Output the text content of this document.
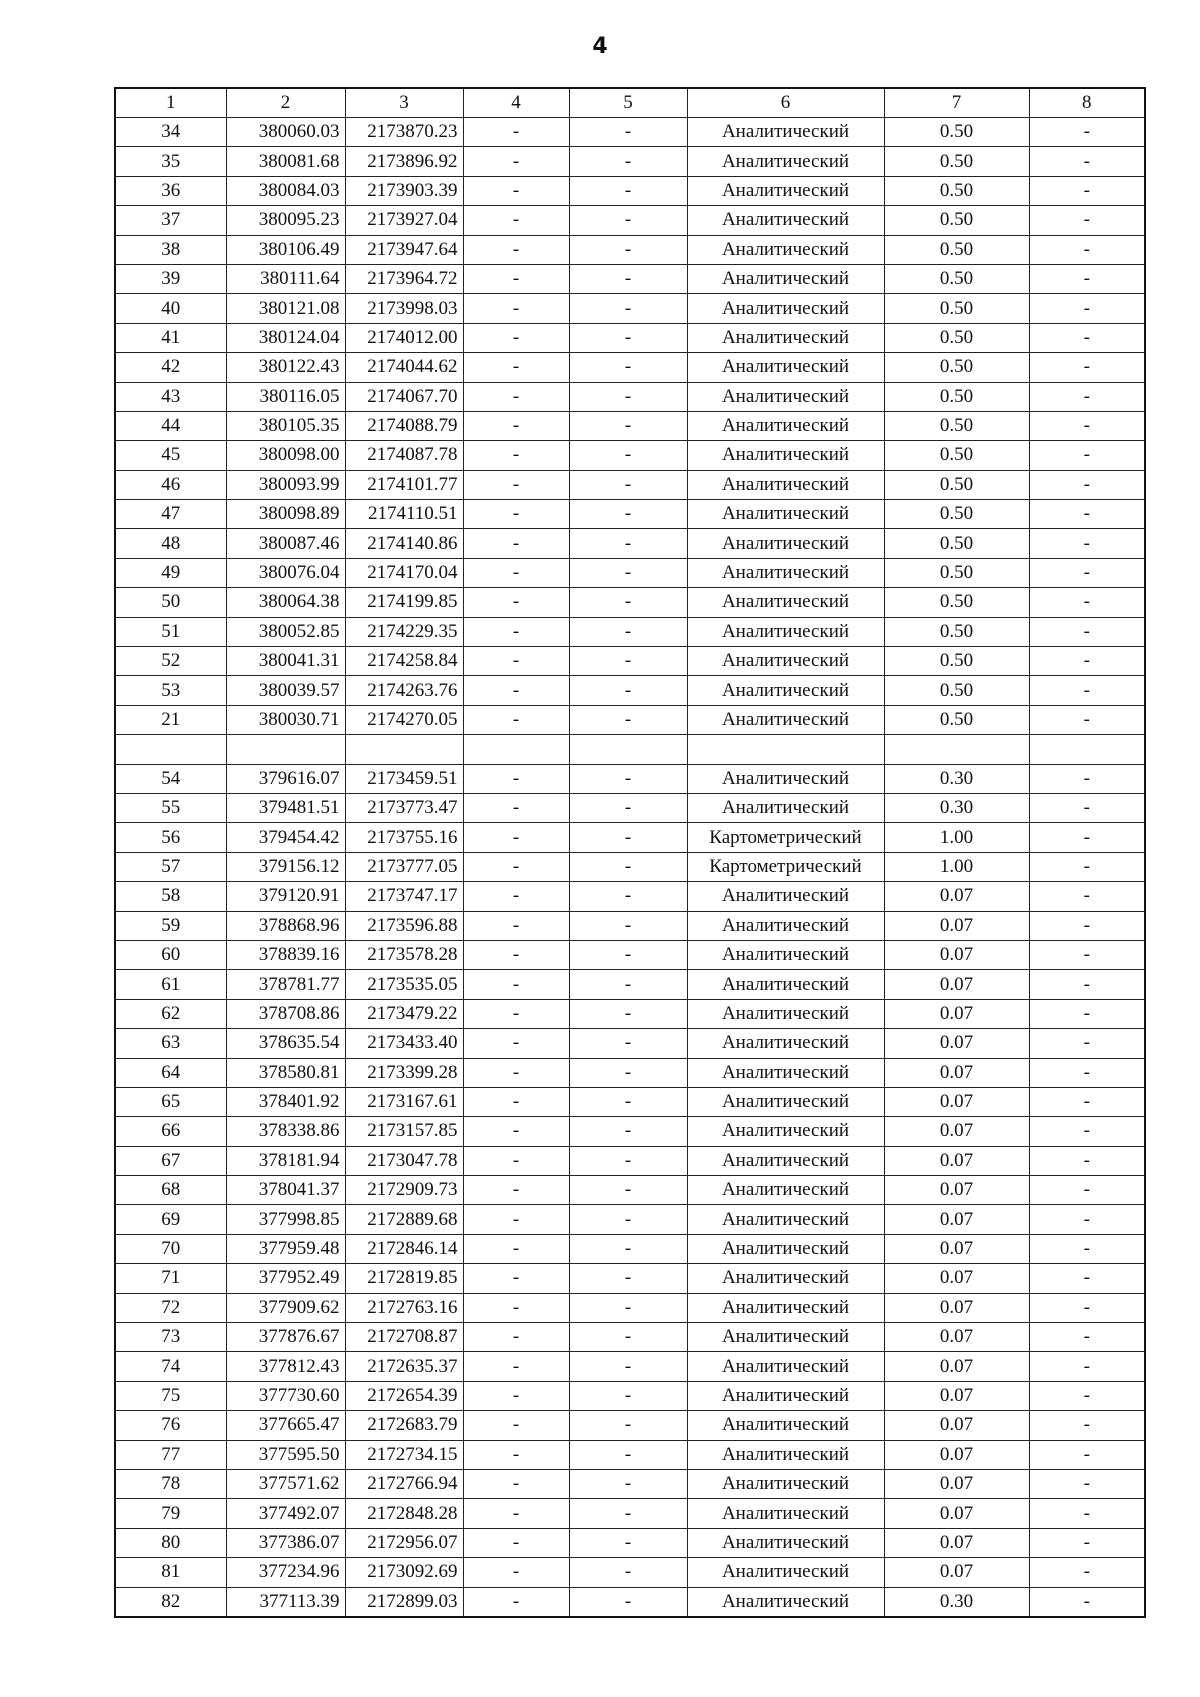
4
1	2	3	4	5	6	7	8
34	380060.03	2173870.23	-	-	Аналитический	0.50	-
35	380081.68	2173896.92	-	-	Аналитический	0.50	-
36	380084.03	2173903.39	-	-	Аналитический	0.50	-
37	380095.23	2173927.04	-	-	Аналитический	0.50	-
38	380106.49	2173947.64	-	-	Аналитический	0.50	-
39	380111.64	2173964.72	-	-	Аналитический	0.50	-
40	380121.08	2173998.03	-	-	Аналитический	0.50	-
41	380124.04	2174012.00	-	-	Аналитический	0.50	-
42	380122.43	2174044.62	-	-	Аналитический	0.50	-
43	380116.05	2174067.70	-	-	Аналитический	0.50	-
44	380105.35	2174088.79	-	-	Аналитический	0.50	-
45	380098.00	2174087.78	-	-	Аналитический	0.50	-
46	380093.99	2174101.77	-	-	Аналитический	0.50	-
47	380098.89	2174110.51	-	-	Аналитический	0.50	-
48	380087.46	2174140.86	-	-	Аналитический	0.50	-
49	380076.04	2174170.04	-	-	Аналитический	0.50	-
50	380064.38	2174199.85	-	-	Аналитический	0.50	-
51	380052.85	2174229.35	-	-	Аналитический	0.50	-
52	380041.31	2174258.84	-	-	Аналитический	0.50	-
53	380039.57	2174263.76	-	-	Аналитический	0.50	-
21	380030.71	2174270.05	-	-	Аналитический	0.50	-

54	379616.07	2173459.51	-	-	Аналитический	0.30	-
55	379481.51	2173773.47	-	-	Аналитический	0.30	-
56	379454.42	2173755.16	-	-	Картометрический	1.00	-
57	379156.12	2173777.05	-	-	Картометрический	1.00	-
58	379120.91	2173747.17	-	-	Аналитический	0.07	-
59	378868.96	2173596.88	-	-	Аналитический	0.07	-
60	378839.16	2173578.28	-	-	Аналитический	0.07	-
61	378781.77	2173535.05	-	-	Аналитический	0.07	-
62	378708.86	2173479.22	-	-	Аналитический	0.07	-
63	378635.54	2173433.40	-	-	Аналитический	0.07	-
64	378580.81	2173399.28	-	-	Аналитический	0.07	-
65	378401.92	2173167.61	-	-	Аналитический	0.07	-
66	378338.86	2173157.85	-	-	Аналитический	0.07	-
67	378181.94	2173047.78	-	-	Аналитический	0.07	-
68	378041.37	2172909.73	-	-	Аналитический	0.07	-
69	377998.85	2172889.68	-	-	Аналитический	0.07	-
70	377959.48	2172846.14	-	-	Аналитический	0.07	-
71	377952.49	2172819.85	-	-	Аналитический	0.07	-
72	377909.62	2172763.16	-	-	Аналитический	0.07	-
73	377876.67	2172708.87	-	-	Аналитический	0.07	-
74	377812.43	2172635.37	-	-	Аналитический	0.07	-
75	377730.60	2172654.39	-	-	Аналитический	0.07	-
76	377665.47	2172683.79	-	-	Аналитический	0.07	-
77	377595.50	2172734.15	-	-	Аналитический	0.07	-
78	377571.62	2172766.94	-	-	Аналитический	0.07	-
79	377492.07	2172848.28	-	-	Аналитический	0.07	-
80	377386.07	2172956.07	-	-	Аналитический	0.07	-
81	377234.96	2173092.69	-	-	Аналитический	0.07	-
82	377113.39	2172899.03	-	-	Аналитический	0.30	-
